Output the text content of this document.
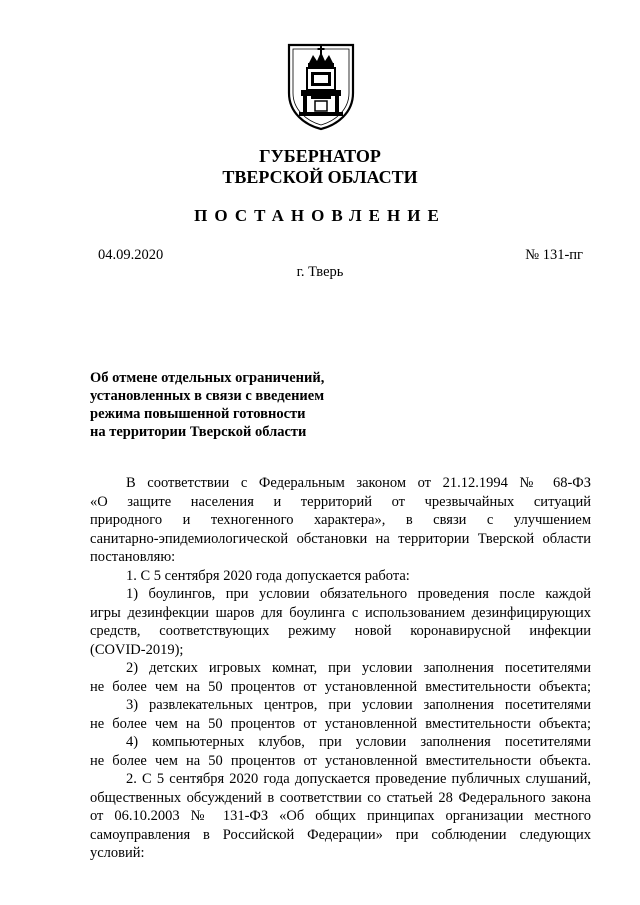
ГУБЕРНАТОР
ТВЕРСКОЙ ОБЛАСТИ
ПОСТАНОВЛЕНИЕ
04.09.2020	№ 131-пг
г. Тверь
Об отмене отдельных ограничений,
установленных в связи с введением
режима повышенной готовности
на территории Тверской области
В соответствии с Федеральным законом от 21.12.1994 № 68-ФЗ
«О защите населения и территорий от чрезвычайных ситуаций
природного и техногенного характера», в связи с улучшением
санитарно-эпидемиологической обстановки на территории Тверской области
постановляю:
1. С 5 сентября 2020 года допускается работа:
1) боулингов, при условии обязательного проведения после каждой
игры дезинфекции шаров для боулинга с использованием дезинфицирующих
средств, соответствующих режиму новой коронавирусной инфекции
(COVID-2019);
2) детских игровых комнат, при условии заполнения посетителями
не более чем на 50 процентов от установленной вместительности объекта;
3) развлекательных центров, при условии заполнения посетителями
не более чем на 50 процентов от установленной вместительности объекта;
4) компьютерных клубов, при условии заполнения посетителями
не более чем на 50 процентов от установленной вместительности объекта.
2. С 5 сентября 2020 года допускается проведение публичных слушаний,
общественных обсуждений в соответствии со статьей 28 Федерального закона
от 06.10.2003 № 131-ФЗ «Об общих принципах организации местного
самоуправления в Российской Федерации» при соблюдении следующих
условий:
